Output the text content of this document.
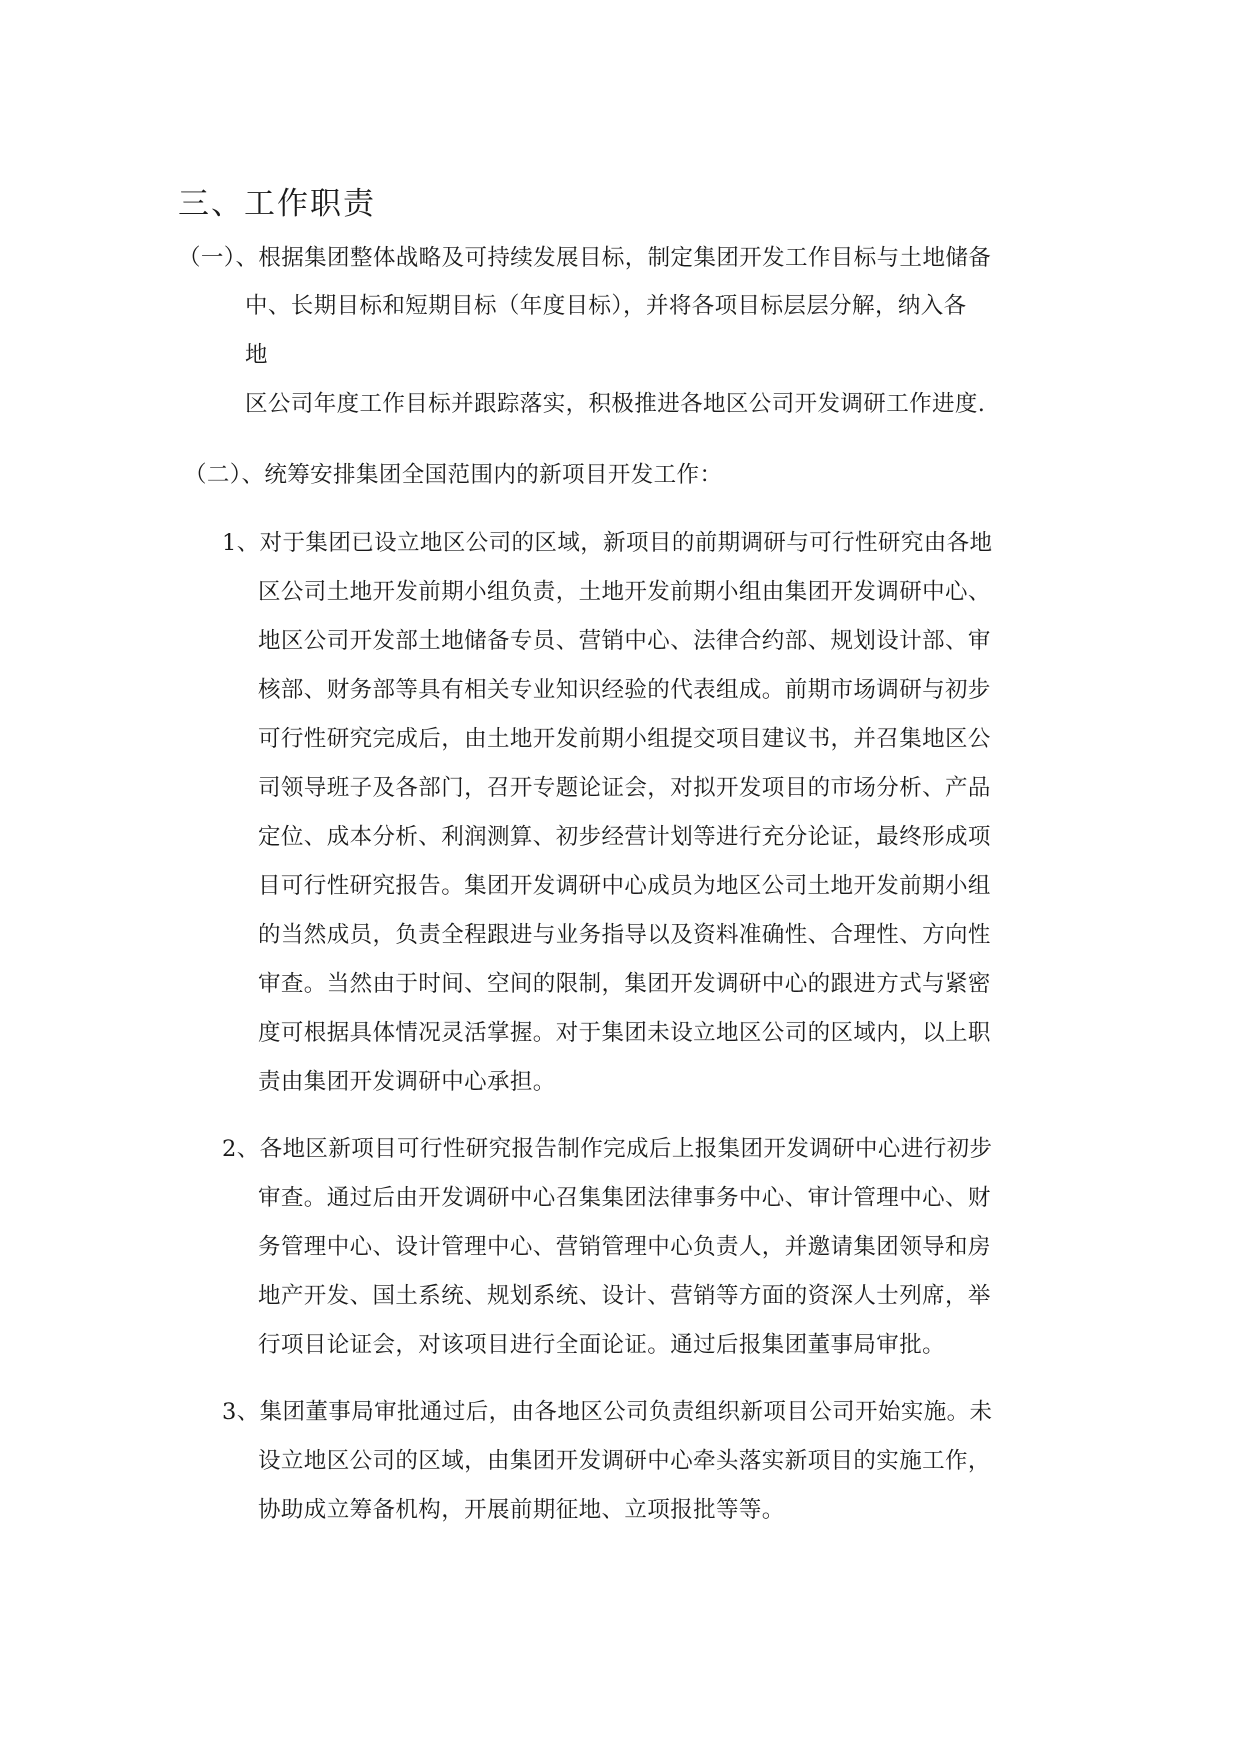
三、工作职责
（一）、根据集团整体战略及可持续发展目标，制定集团开发工作目标与土地储备
中、长期目标和短期目标（年度目标），并将各项目标层层分解，纳入各
地
区公司年度工作目标并跟踪落实，积极推进各地区公司开发调研工作进度.
（二）、统筹安排集团全国范围内的新项目开发工作：
1、对于集团已设立地区公司的区域，新项目的前期调研与可行性研究由各地
区公司土地开发前期小组负责，土地开发前期小组由集团开发调研中心、
地区公司开发部土地储备专员、营销中心、法律合约部、规划设计部、审
核部、财务部等具有相关专业知识经验的代表组成。前期市场调研与初步
可行性研究完成后，由土地开发前期小组提交项目建议书，并召集地区公
司领导班子及各部门，召开专题论证会，对拟开发项目的市场分析、产品
定位、成本分析、利润测算、初步经营计划等进行充分论证，最终形成项
目可行性研究报告。集团开发调研中心成员为地区公司土地开发前期小组
的当然成员，负责全程跟进与业务指导以及资料准确性、合理性、方向性
审查。当然由于时间、空间的限制，集团开发调研中心的跟进方式与紧密
度可根据具体情况灵活掌握。对于集团未设立地区公司的区域内，以上职
责由集团开发调研中心承担。
2、各地区新项目可行性研究报告制作完成后上报集团开发调研中心进行初步
审查。通过后由开发调研中心召集集团法律事务中心、审计管理中心、财
务管理中心、设计管理中心、营销管理中心负责人，并邀请集团领导和房
地产开发、国土系统、规划系统、设计、营销等方面的资深人士列席，举
行项目论证会，对该项目进行全面论证。通过后报集团董事局审批。
3、集团董事局审批通过后，由各地区公司负责组织新项目公司开始实施。未
设立地区公司的区域，由集团开发调研中心牵头落实新项目的实施工作，
协助成立筹备机构，开展前期征地、立项报批等等。
